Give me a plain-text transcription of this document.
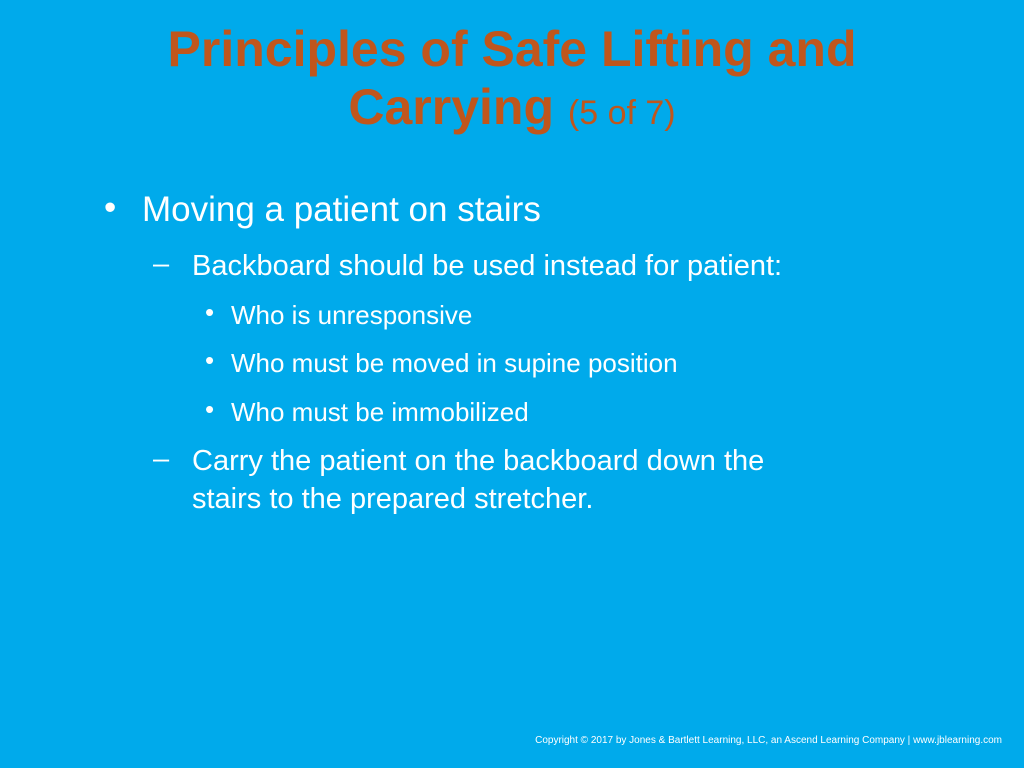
Principles of Safe Lifting and
Carrying (5 of 7)
• Moving a patient on stairs
– Backboard should be used instead for patient:
• Who is unresponsive
• Who must be moved in supine position
• Who must be immobilized
– Carry the patient on the backboard down the
stairs to the prepared stretcher.
Copyright © 2017 by Jones & Bartlett Learning, LLC, an Ascend Learning Company | www.jblearning.com
